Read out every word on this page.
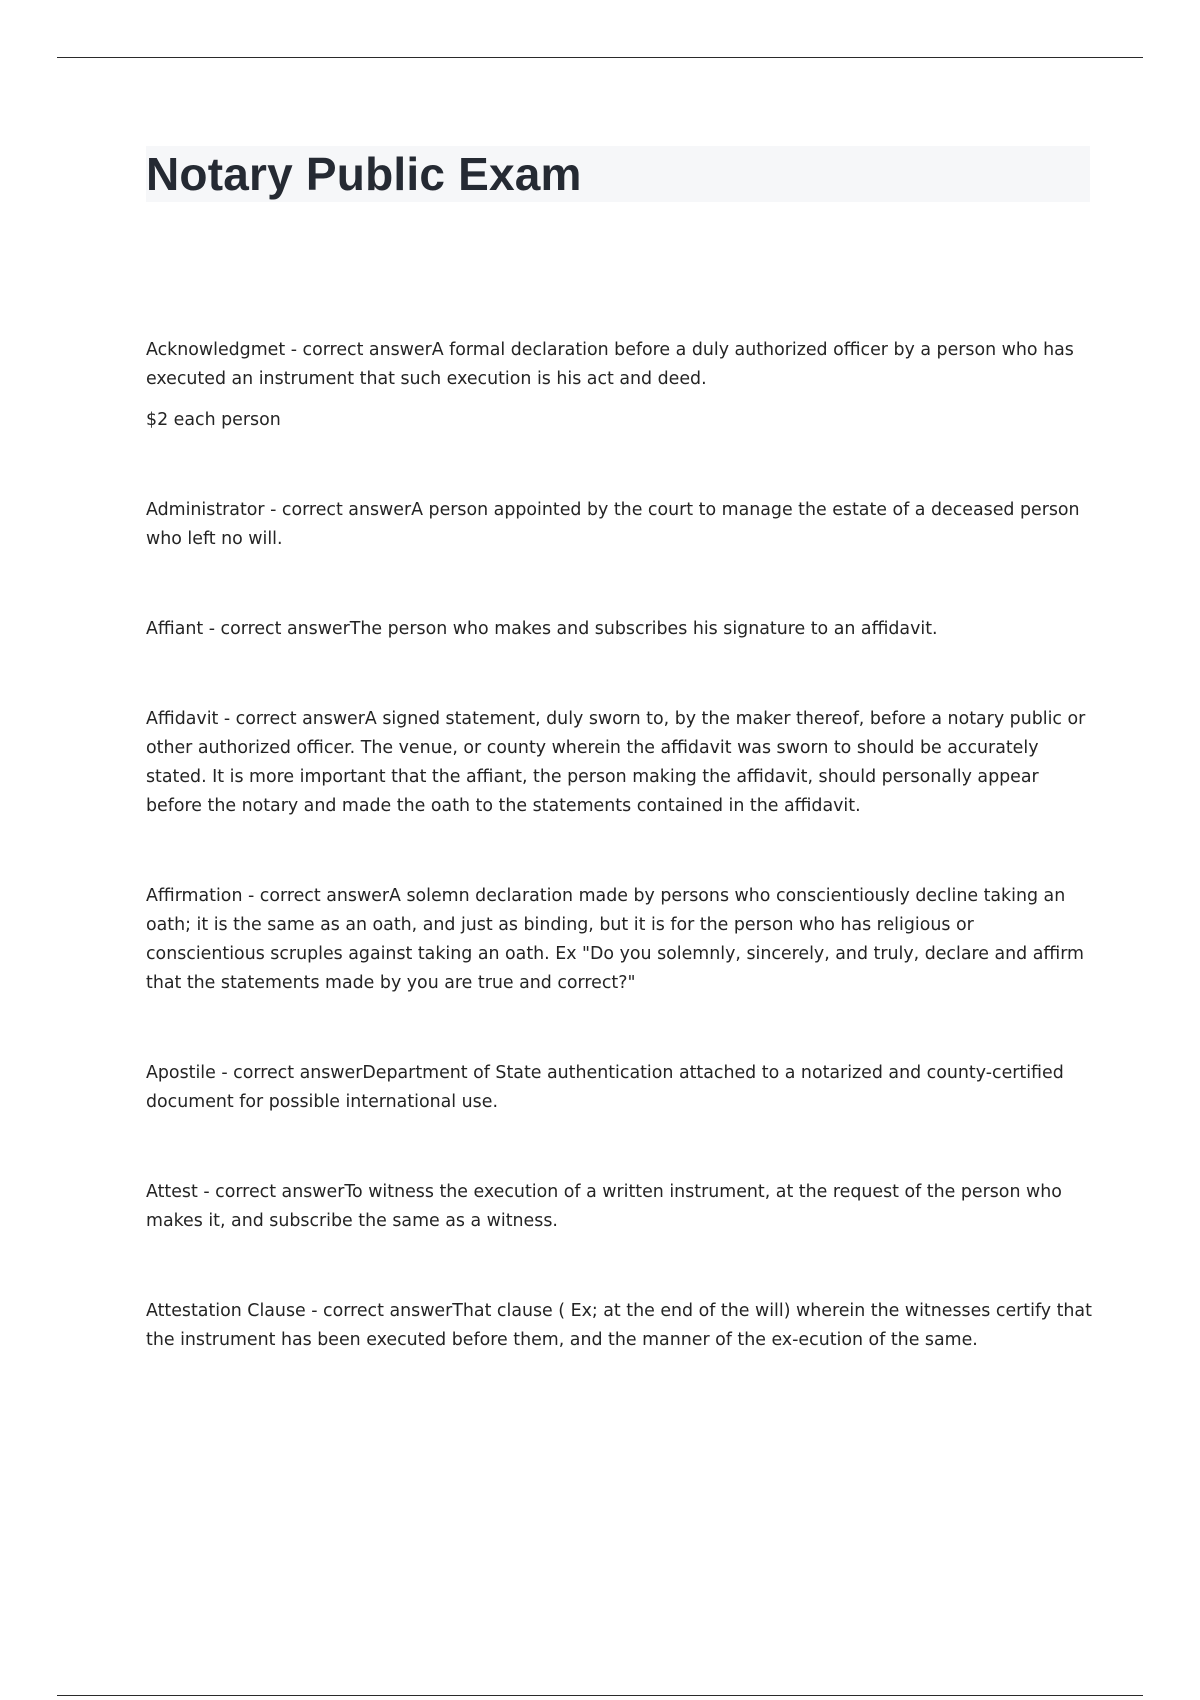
Notary Public Exam

Acknowledgmet - correct answerA formal declaration before a duly authorized officer by a person who has executed an instrument that such execution is his act and deed.

$2 each person

Administrator - correct answerA person appointed by the court to manage the estate of a deceased person who left no will.

Affiant - correct answerThe person who makes and subscribes his signature to an affidavit.

Affidavit - correct answerA signed statement, duly sworn to, by the maker thereof, before a notary public or other authorized officer. The venue, or county wherein the affidavit was sworn to should be accurately stated. It is more important that the affiant, the person making the affidavit, should personally appear before the notary and made the oath to the statements contained in the affidavit.

Affirmation - correct answerA solemn declaration made by persons who conscientiously decline taking an oath; it is the same as an oath, and just as binding, but it is for the person who has religious or conscientious scruples against taking an oath. Ex "Do you solemnly, sincerely, and truly, declare and affirm that the statements made by you are true and correct?"

Apostile - correct answerDepartment of State authentication attached to a notarized and county-certified document for possible international use.

Attest - correct answerTo witness the execution of a written instrument, at the request of the person who makes it, and subscribe the same as a witness.

Attestation Clause - correct answerThat clause ( Ex; at the end of the will) wherein the witnesses certify that the instrument has been executed before them, and the manner of the ex-ecution of the same.
